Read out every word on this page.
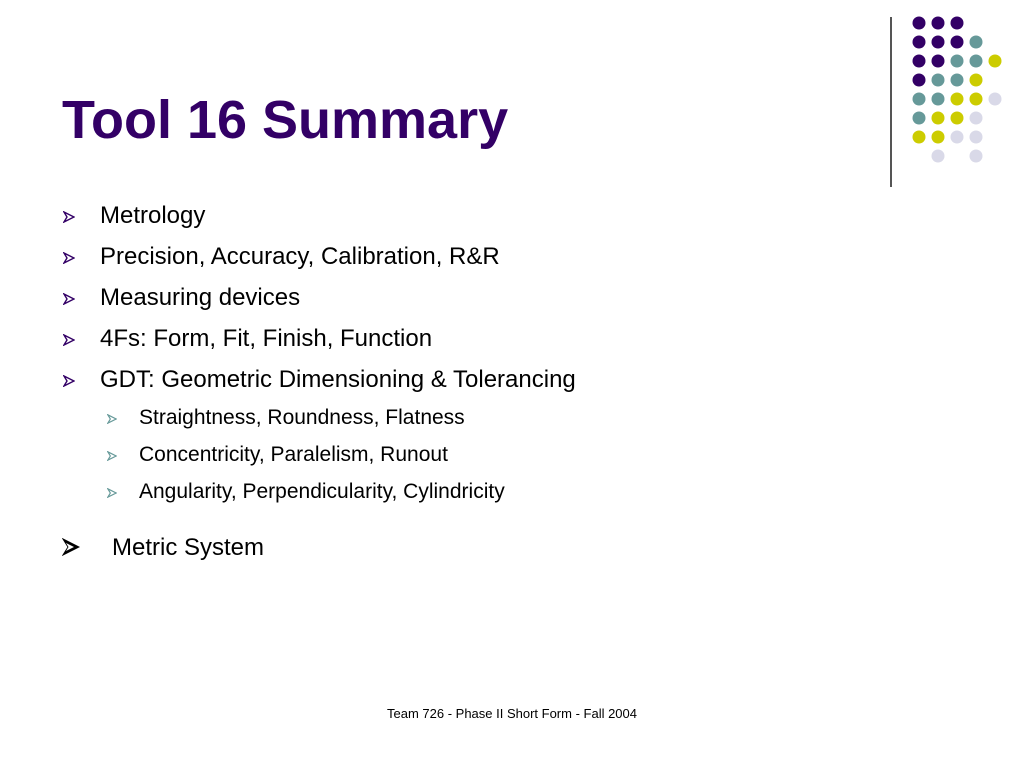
Tool 16 Summary
Metrology
Precision, Accuracy, Calibration, R&R
Measuring devices
4Fs: Form, Fit, Finish, Function
GDT: Geometric Dimensioning & Tolerancing
Straightness, Roundness, Flatness
Concentricity, Paralelism, Runout
Angularity, Perpendicularity, Cylindricity
Metric System
Team 726 - Phase II Short Form - Fall 2004
